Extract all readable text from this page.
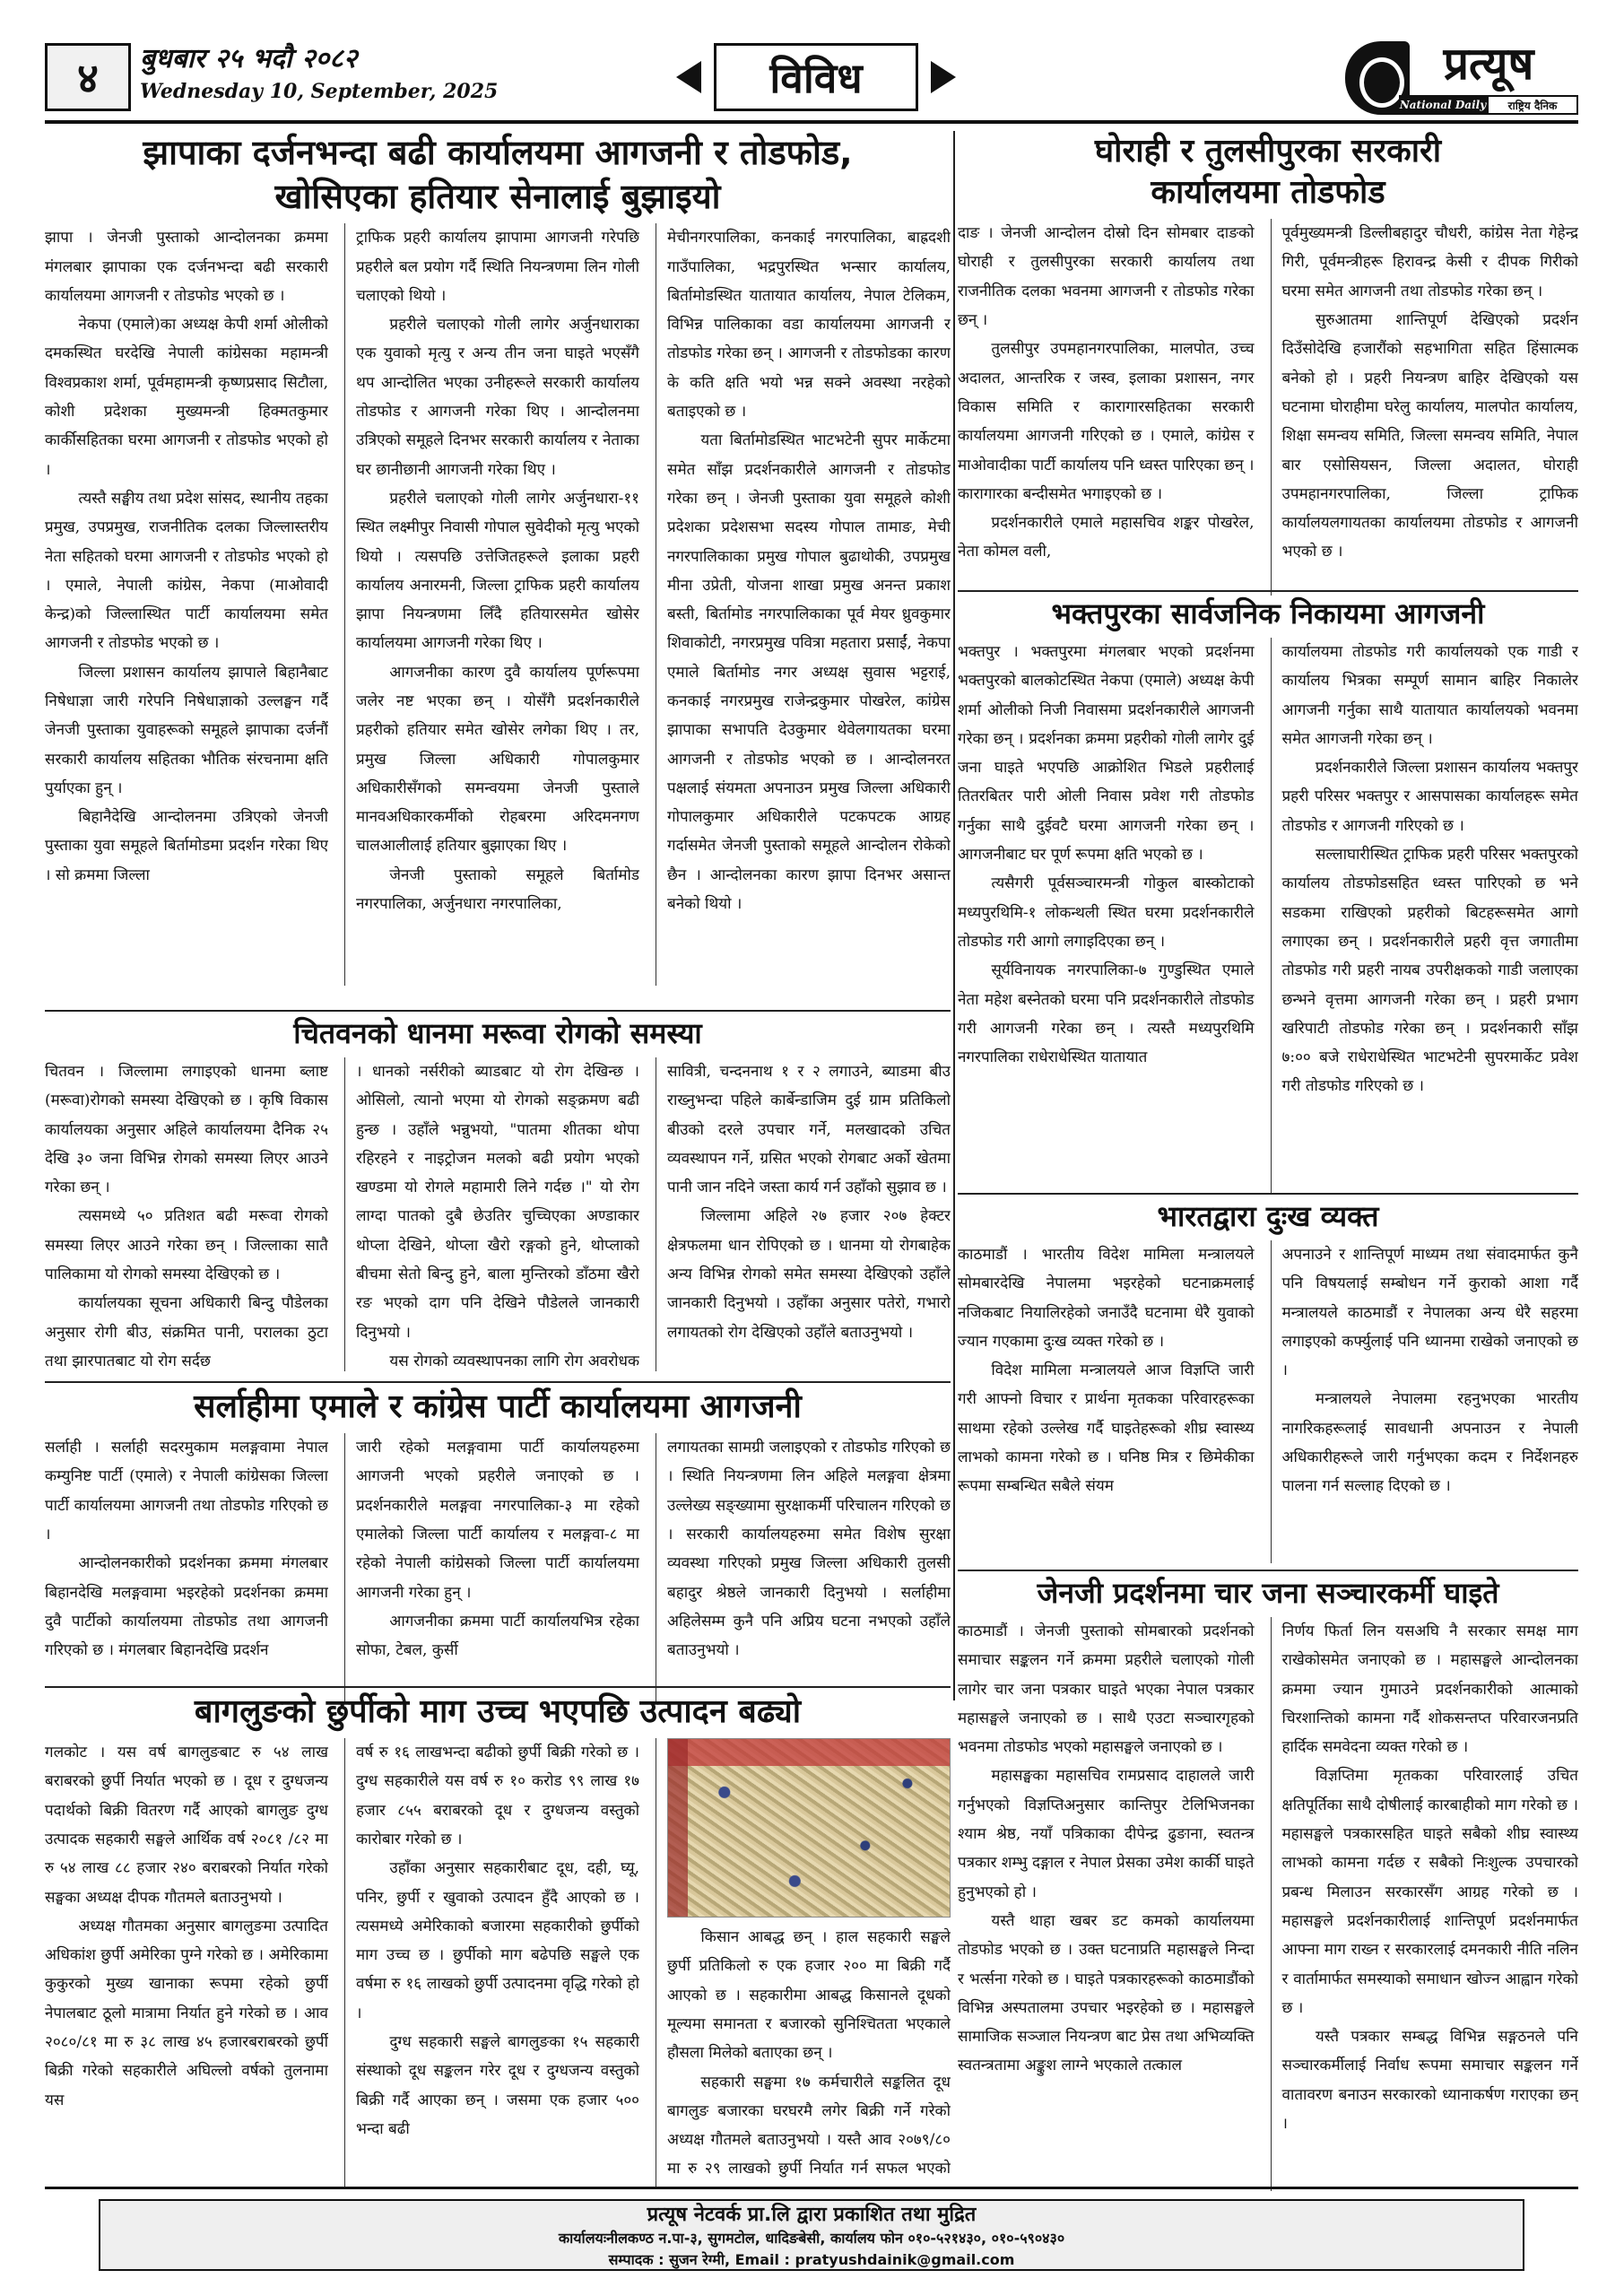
४	बुधबार २५ भदौ २०८२
Wednesday 10, September, 2025	विविध	प्रत्यूष
National Daily	राष्ट्रिय दैनिक
झापाका दर्जनभन्दा बढी कार्यालयमा आगजनी र तोडफोड,
खोसिएका हतियार सेनालाई बुझाइयो

झापा । जेनजी पुस्ताको आन्दोलनका क्रममा मंगलबार झापाका एक दर्जनभन्दा बढी सरकारी कार्यालयमा आगजनी र तोडफोड भएको छ ।

नेकपा (एमाले)का अध्यक्ष केपी शर्मा ओलीको दमकस्थित घरदेखि नेपाली कांग्रेसका महामन्त्री विश्वप्रकाश शर्मा, पूर्वमहामन्त्री कृष्णप्रसाद सिटौला, कोशी प्रदेशका मुख्यमन्त्री हिक्मतकुमार कार्कीसहितका घरमा आगजनी र तोडफोड भएको हो ।

त्यस्तै सङ्घीय तथा प्रदेश सांसद, स्थानीय तहका प्रमुख, उपप्रमुख, राजनीतिक दलका जिल्लास्तरीय नेता सहितको घरमा आगजनी र तोडफोड भएको हो । एमाले, नेपाली कांग्रेस, नेकपा (माओवादी केन्द्र)को जिल्लास्थित पार्टी कार्यालयमा समेत आगजनी र तोडफोड भएको छ ।

जिल्ला प्रशासन कार्यालय झापाले बिहानैबाट निषेधाज्ञा जारी गरेपनि निषेधाज्ञाको उल्लङ्घन गर्दै जेनजी पुस्ताका युवाहरूको समूहले झापाका दर्जनौं सरकारी कार्यालय सहितका भौतिक संरचनामा क्षति पुर्याएका हुन् ।

बिहानैदेखि आन्दोलनमा उत्रिएको जेनजी पुस्ताका युवा समूहले बिर्तामोडमा प्रदर्शन गरेका थिए । सो क्रममा जिल्ला

ट्राफिक प्रहरी कार्यालय झापामा आगजनी गरेपछि प्रहरीले बल प्रयोग गर्दै स्थिति नियन्त्रणमा लिन गोली चलाएको थियो ।

प्रहरीले चलाएको गोली लागेर अर्जुनधाराका एक युवाको मृत्यु र अन्य तीन जना घाइते भएसँगै थप आन्दोलित भएका उनीहरूले सरकारी कार्यालय तोडफोड र आगजनी गरेका थिए । आन्दोलनमा उत्रिएको समूहले दिनभर सरकारी कार्यालय र नेताका घर छानीछानी आगजनी गरेका थिए ।

प्रहरीले चलाएको गोली लागेर अर्जुनधारा-११ स्थित लक्ष्मीपुर निवासी गोपाल सुवेदीको मृत्यु भएको थियो । त्यसपछि उत्तेजितहरूले इलाका प्रहरी कार्यालय अनारमनी, जिल्ला ट्राफिक प्रहरी कार्यालय झापा नियन्त्रणमा लिँदै हतियारसमेत खोसेर कार्यालयमा आगजनी गरेका थिए ।

आगजनीका कारण दुवै कार्यालय पूर्णरूपमा जलेर नष्ट भएका छन् । योसँगै प्रदर्शनकारीले प्रहरीको हतियार समेत खोसेर लगेका थिए । तर, प्रमुख जिल्ला अधिकारी गोपालकुमार अधिकारीसँगको समन्वयमा जेनजी पुस्ताले मानवअधिकारकर्मीको रोहबरमा अरिदमनगण चालआलीलाई हतियार बुझाएका थिए ।

जेनजी पुस्ताको समूहले बिर्तामोड नगरपालिका, अर्जुनधारा नगरपालिका,

मेचीनगरपालिका, कनकाई नगरपालिका, बाह्रदशी गाउँपालिका, भद्रपुरस्थित भन्सार कार्यालय, बिर्तामोडस्थित यातायात कार्यालय, नेपाल टेलिकम, विभिन्न पालिकाका वडा कार्यालयमा आगजनी र तोडफोड गरेका छन् । आगजनी र तोडफोडका कारण के कति क्षति भयो भन्न सक्ने अवस्था नरहेको बताइएको छ ।

यता बिर्तामोडस्थित भाटभटेनी सुपर मार्केटमा समेत साँझ प्रदर्शनकारीले आगजनी र तोडफोड गरेका छन् । जेनजी पुस्ताका युवा समूहले कोशी प्रदेशका प्रदेशसभा सदस्य गोपाल तामाङ, मेची नगरपालिकाका प्रमुख गोपाल बुढाथोकी, उपप्रमुख मीना उप्रेती, योजना शाखा प्रमुख अनन्त प्रकाश बस्ती, बिर्तामोड नगरपालिकाका पूर्व मेयर ध्रुवकुमार शिवाकोटी, नगरप्रमुख पवित्रा महतारा प्रसाईं, नेकपा एमाले बिर्तामोड नगर अध्यक्ष सुवास भट्टराई, कनकाई नगरप्रमुख राजेन्द्रकुमार पोखरेल, कांग्रेस झापाका सभापति देउकुमार थेवेलगायतका घरमा आगजनी र तोडफोड भएको छ । आन्दोलनरत पक्षलाई संयमता अपनाउन प्रमुख जिल्ला अधिकारी गोपालकुमार अधिकारीले पटकपटक आग्रह गर्दासमेत जेनजी पुस्ताको समूहले आन्दोलन रोकेको छैन । आन्दोलनका कारण झापा दिनभर असान्त बनेको थियो ।

घोराही र तुलसीपुरका सरकारी
कार्यालयमा तोडफोड

दाङ । जेनजी आन्दोलन दोस्रो दिन सोमबार दाङको घोराही र तुलसीपुरका सरकारी कार्यालय तथा राजनीतिक दलका भवनमा आगजनी र तोडफोड गरेका छन् ।

तुलसीपुर उपमहानगरपालिका, मालपोत, उच्च अदालत, आन्तरिक र जस्व, इलाका प्रशासन, नगर विकास समिति र कारागारसहितका सरकारी कार्यालयमा आगजनी गरिएको छ । एमाले, कांग्रेस र माओवादीका पार्टी कार्यालय पनि ध्वस्त पारिएका छन् । कारागारका बन्दीसमेत भगाइएको छ ।

प्रदर्शनकारीले एमाले महासचिव शङ्कर पोखरेल, नेता कोमल वली,

पूर्वमुख्यमन्त्री डिल्लीबहादुर चौधरी, कांग्रेस नेता गेहेन्द्र गिरी, पूर्वमन्त्रीहरू हिरावन्द्र केसी र दीपक गिरीको घरमा समेत आगजनी तथा तोडफोड गरेका छन् ।

सुरुआतमा शान्तिपूर्ण देखिएको प्रदर्शन दिउँसोदेखि हजारौंको सहभागिता सहित हिंसात्मक बनेको हो । प्रहरी नियन्त्रण बाहिर देखिएको यस घटनामा घोराहीमा घरेलु कार्यालय, मालपोत कार्यालय, शिक्षा समन्वय समिति, जिल्ला समन्वय समिति, नेपाल बार एसोसियसन, जिल्ला अदालत, घोराही उपमहानगरपालिका, जिल्ला ट्राफिक कार्यालयलगायतका कार्यालयमा तोडफोड र आगजनी भएको छ ।

भक्तपुरका सार्वजनिक निकायमा आगजनी

भक्तपुर । भक्तपुरमा मंगलबार भएको प्रदर्शनमा भक्तपुरको बालकोटस्थित नेकपा (एमाले) अध्यक्ष केपी शर्मा ओलीको निजी निवासमा प्रदर्शनकारीले आगजनी गरेका छन् । प्रदर्शनका क्रममा प्रहरीको गोली लागेर दुई जना घाइते भएपछि आक्रोशित भिडले प्रहरीलाई तितरबितर पारी ओली निवास प्रवेश गरी तोडफोड गर्नुका साथै दुईवटै घरमा आगजनी गरेका छन् । आगजनीबाट घर पूर्ण रूपमा क्षति भएको छ ।

त्यसैगरी पूर्वसञ्चारमन्त्री गोकुल बास्कोटाको मध्यपुरथिमि-१ लोकन्थली स्थित घरमा प्रदर्शनकारीले तोडफोड गरी आगो लगाइदिएका छन् ।

सूर्यविनायक नगरपालिका-७ गुण्डुस्थित एमाले नेता महेश बस्नेतको घरमा पनि प्रदर्शनकारीले तोडफोड गरी आगजनी गरेका छन् । त्यस्तै मध्यपुरथिमि नगरपालिका राधेराधेस्थित यातायात

कार्यालयमा तोडफोड गरी कार्यालयको एक गाडी र कार्यालय भित्रका सम्पूर्ण सामान बाहिर निकालेर आगजनी गर्नुका साथै यातायात कार्यालयको भवनमा समेत आगजनी गरेका छन् ।

प्रदर्शनकारीले जिल्ला प्रशासन कार्यालय भक्तपुर प्रहरी परिसर भक्तपुर र आसपासका कार्यालहरू समेत तोडफोड र आगजनी गरिएको छ ।

सल्लाघारीस्थित ट्राफिक प्रहरी परिसर भक्तपुरको कार्यालय तोडफोडसहित ध्वस्त पारिएको छ भने सडकमा राखिएको प्रहरीको बिटहरूसमेत आगो लगाएका छन् । प्रदर्शनकारीले प्रहरी वृत्त जगातीमा तोडफोड गरी प्रहरी नायब उपरीक्षकको गाडी जलाएका छन्भने वृत्तमा आगजनी गरेका छन् । प्रहरी प्रभाग खरिपाटी तोडफोड गरेका छन् । प्रदर्शनकारी साँझ ७:०० बजे राधेराधेस्थित भाटभटेनी सुपरमार्केट प्रवेश गरी तोडफोड गरिएको छ ।

चितवनको धानमा मरूवा रोगको समस्या

चितवन । जिल्लामा लगाइएको धानमा ब्लाष्ट (मरूवा)रोगको समस्या देखिएको छ । कृषि विकास कार्यालयका अनुसार अहिले कार्यालयमा दैनिक २५ देखि ३० जना विभिन्न रोगको समस्या लिएर आउने गरेका छन् ।

त्यसमध्ये ५० प्रतिशत बढी मरूवा रोगको समस्या लिएर आउने गरेका छन् । जिल्लाका सातै पालिकामा यो रोगको समस्या देखिएको छ ।

कार्यालयका सूचना अधिकारी बिन्दु पौडेलका अनुसार रोगी बीउ, संक्रमित पानी, परालका ठुटा तथा झारपातबाट यो रोग सर्दछ

। धानको नर्सरीको ब्याडबाट यो रोग देखिन्छ । ओसिलो, त्यानो भएमा यो रोगको सङ्क्रमण बढी हुन्छ । उहाँले भन्नुभयो, "पातमा शीतका थोपा रहिरहने र नाइट्रोजन मलको बढी प्रयोग भएको खण्डमा यो रोगले महामारी लिने गर्दछ ।" यो रोग लाग्दा पातको दुबै छेउतिर चुच्चिएका अण्डाकार थोप्ला देखिने, थोप्ला खैरो रङ्गको हुने, थोप्लाको बीचमा सेतो बिन्दु हुने, बाला मुन्तिरको डाँठमा खैरो रङ भएको दाग पनि देखिने पौडेलले जानकारी दिनुभयो ।

यस रोगको व्यवस्थापनका लागि रोग अवरोधक

सावित्री, चन्दननाथ १ र २ लगाउने, ब्याडमा बीउ राख्नुभन्दा पहिले कार्बेन्डाजिम दुई ग्राम प्रतिकिलो बीउको दरले उपचार गर्ने, मलखादको उचित व्यवस्थापन गर्ने, ग्रसित भएको रोगबाट अर्को खेतमा पानी जान नदिने जस्ता कार्य गर्न उहाँको सुझाव छ ।

जिल्लामा अहिले २७ हजार २०७ हेक्टर क्षेत्रफलमा धान रोपिएको छ । धानमा यो रोगबाहेक अन्य विभिन्न रोगको समेत समस्या देखिएको उहाँले जानकारी दिनुभयो । उहाँका अनुसार पतेरो, गभारो लगायतको रोग देखिएको उहाँले बताउनुभयो ।

भारतद्वारा दुःख व्यक्त

काठमाडौं । भारतीय विदेश मामिला मन्त्रालयले सोमबारदेखि नेपालमा भइरहेको घटनाक्रमलाई नजिकबाट नियालिरहेको जनाउँदै घटनामा धेरै युवाको ज्यान गएकामा दुःख व्यक्त गरेको छ ।

विदेश मामिला मन्त्रालयले आज विज्ञप्ति जारी गरी आफ्नो विचार र प्रार्थना मृतकका परिवारहरूका साथमा रहेको उल्लेख गर्दै घाइतेहरूको शीघ्र स्वास्थ्य लाभको कामना गरेको छ । घनिष्ठ मित्र र छिमेकीका रूपमा सम्बन्धित सबैले संयम

अपनाउने र शान्तिपूर्ण माध्यम तथा संवादमार्फत कुनै पनि विषयलाई सम्बोधन गर्ने कुराको आशा गर्दै मन्त्रालयले काठमाडौं र नेपालका अन्य धेरै सहरमा लगाइएको कर्फ्युलाई पनि ध्यानमा राखेको जनाएको छ ।

मन्त्रालयले नेपालमा रहनुभएका भारतीय नागरिकहरूलाई सावधानी अपनाउन र नेपाली अधिकारीहरूले जारी गर्नुभएका कदम र निर्देशनहरु पालना गर्न सल्लाह दिएको छ ।

सर्लाहीमा एमाले र कांग्रेस पार्टी कार्यालयमा आगजनी

सर्लाही । सर्लाही सदरमुकाम मलङ्गवामा नेपाल कम्युनिष्ट पार्टी (एमाले) र नेपाली कांग्रेसका जिल्ला पार्टी कार्यालयमा आगजनी तथा तोडफोड गरिएको छ ।

आन्दोलनकारीको प्रदर्शनका क्रममा मंगलबार बिहानदेखि मलङ्गवामा भइरहेको प्रदर्शनका क्रममा दुवै पार्टीको कार्यालयमा तोडफोड तथा आगजनी गरिएको छ । मंगलबार बिहानदेखि प्रदर्शन

जारी रहेको मलङ्गवामा पार्टी कार्यालयहरुमा आगजनी भएको प्रहरीले जनाएको छ । प्रदर्शनकारीले मलङ्गवा नगरपालिका-३ मा रहेको एमालेको जिल्ला पार्टी कार्यालय र मलङ्गवा-८ मा रहेको नेपाली कांग्रेसको जिल्ला पार्टी कार्यालयमा आगजनी गरेका हुन् ।

आगजनीका क्रममा पार्टी कार्यालयभित्र रहेका सोफा, टेबल, कुर्सी

लगायतका सामग्री जलाइएको र तोडफोड गरिएको छ । स्थिति नियन्त्रणमा लिन अहिले मलङ्गवा क्षेत्रमा उल्लेख्य सङ्ख्यामा सुरक्षाकर्मी परिचालन गरिएको छ । सरकारी कार्यालयहरुमा समेत विशेष सुरक्षा व्यवस्था गरिएको प्रमुख जिल्ला अधिकारी तुलसी बहादुर श्रेष्ठले जानकारी दिनुभयो । सर्लाहीमा अहिलेसम्म कुनै पनि अप्रिय घटना नभएको उहाँले बताउनुभयो ।

जेनजी प्रदर्शनमा चार जना सञ्चारकर्मी घाइते

काठमाडौं । जेनजी पुस्ताको सोमबारको प्रदर्शनको समाचार सङ्कलन गर्ने क्रममा प्रहरीले चलाएको गोली लागेर चार जना पत्रकार घाइते भएका नेपाल पत्रकार महासङ्घले जनाएको छ । साथै एउटा सञ्चारगृहको भवनमा तोडफोड भएको महासङ्घले जनाएको छ ।

महासङ्घका महासचिव रामप्रसाद दाहालले जारी गर्नुभएको विज्ञप्तिअनुसार कान्तिपुर टेलिभिजनका श्याम श्रेष्ठ, नयाँ पत्रिकाका दीपेन्द्र ढुङाना, स्वतन्त्र पत्रकार शम्भु दङ्गाल र नेपाल प्रेसका उमेश कार्की घाइते हुनुभएको हो ।

यस्तै थाहा खबर डट कमको कार्यालयमा तोडफोड भएको छ । उक्त घटनाप्रति महासङ्घले निन्दा र भर्त्सना गरेको छ । घाइते पत्रकारहरूको काठमाडौंको विभिन्न अस्पतालमा उपचार भइरहेको छ । महासङ्घले सामाजिक सञ्जाल नियन्त्रण बाट प्रेस तथा अभिव्यक्ति स्वतन्त्रतामा अङ्कुश लाग्ने भएकाले तत्काल

निर्णय फिर्ता लिन यसअघि नै सरकार समक्ष माग राखेकोसमेत जनाएको छ । महासङ्घले आन्दोलनका क्रममा ज्यान गुमाउने प्रदर्शनकारीको आत्माको चिरशान्तिको कामना गर्दै शोकसन्तप्त परिवारजनप्रति हार्दिक समवेदना व्यक्त गरेको छ ।

विज्ञप्तिमा मृतकका परिवारलाई उचित क्षतिपूर्तिका साथै दोषीलाई कारबाहीको माग गरेको छ । महासङ्घले पत्रकारसहित घाइते सबैको शीघ्र स्वास्थ्य लाभको कामना गर्दछ र सबैको निःशुल्क उपचारको प्रबन्ध मिलाउन सरकारसँग आग्रह गरेको छ । महासङ्घले प्रदर्शनकारीलाई शान्तिपूर्ण प्रदर्शनमार्फत आफ्ना माग राख्न र सरकारलाई दमनकारी नीति नलिन र वार्तामार्फत समस्याको समाधान खोज्न आह्वान गरेको छ ।

यस्तै पत्रकार सम्बद्ध विभिन्न सङ्गठनले पनि सञ्चारकर्मीलाई निर्वाध रूपमा समाचार सङ्कलन गर्ने वातावरण बनाउन सरकारको ध्यानाकर्षण गराएका छन् ।

बागलुङको छुर्पीको माग उच्च भएपछि उत्पादन बढ्यो

गलकोट । यस वर्ष बागलुङबाट रु ५४ लाख बराबरको छुर्पी निर्यात भएको छ । दूध र दुग्धजन्य पदार्थको बिक्री वितरण गर्दै आएको बागलुङ दुग्ध उत्पादक सहकारी सङ्घले आर्थिक वर्ष २०८१ /८२ मा रु ५४ लाख ८८ हजार २४० बराबरको निर्यात गरेको सङ्घका अध्यक्ष दीपक गौतमले बताउनुभयो ।

अध्यक्ष गौतमका अनुसार बागलुङमा उत्पादित अधिकांश छुर्पी अमेरिका पुग्ने गरेको छ । अमेरिकामा कुकुरको मुख्य खानाका रूपमा रहेको छुर्पी नेपालबाट ठूलो मात्रामा निर्यात हुने गरेको छ । आव २०८०/८१ मा रु ३८ लाख ४५ हजारबराबरको छुर्पी बिक्री गरेको सहकारीले अघिल्लो वर्षको तुलनामा यस

वर्ष रु १६ लाखभन्दा बढीको छुर्पी बिक्री गरेको छ । दुग्ध सहकारीले यस वर्ष रु १० करोड ९९ लाख १७ हजार ८५५ बराबरको दूध र दुग्धजन्य वस्तुको कारोबार गरेको छ ।

उहाँका अनुसार सहकारीबाट दूध, दही, घ्यू, पनिर, छुर्पी र खुवाको उत्पादन हुँदै आएको छ । त्यसमध्ये अमेरिकाको बजारमा सहकारीको छुर्पीको माग उच्च छ । छुर्पीको माग बढेपछि सङ्घले एक वर्षमा रु १६ लाखको छुर्पी उत्पादनमा वृद्धि गरेको हो ।

दुग्ध सहकारी सङ्घले बागलुङका १५ सहकारी संस्थाको दूध सङ्कलन गरेर दूध र दुग्धजन्य वस्तुको बिक्री गर्दै आएका छन् । जसमा एक हजार ५०० भन्दा बढी

किसान आबद्ध छन् । हाल सहकारी सङ्घले छुर्पी प्रतिकिलो रु एक हजार २०० मा बिक्री गर्दै आएको छ । सहकारीमा आबद्ध किसानले दूधको मूल्यमा समानता र बजारको सुनिश्चितता भएकाले हौसला मिलेको बताएका छन् ।

सहकारी सङ्घमा १७ कर्मचारीले सङ्कलित दूध बागलुङ बजारका घरघरमै लगेर बिक्री गर्ने गरेको अध्यक्ष गौतमले बताउनुभयो । यस्तै आव २०७९/८० मा रु २९ लाखको छुर्पी निर्यात गर्न सफल भएको

प्रत्यूष नेटवर्क प्रा.लि द्वारा प्रकाशित तथा मुद्रित
कार्यालयःनीलकण्ठ न.पा-३, सुगमटोल, धादिङबेसी, कार्यालय फोन ०१०-५२१४३०, ०१०-५९०४३०
सम्पादक : सुजन रेग्मी, Email : pratyushdainik@gmail.com
